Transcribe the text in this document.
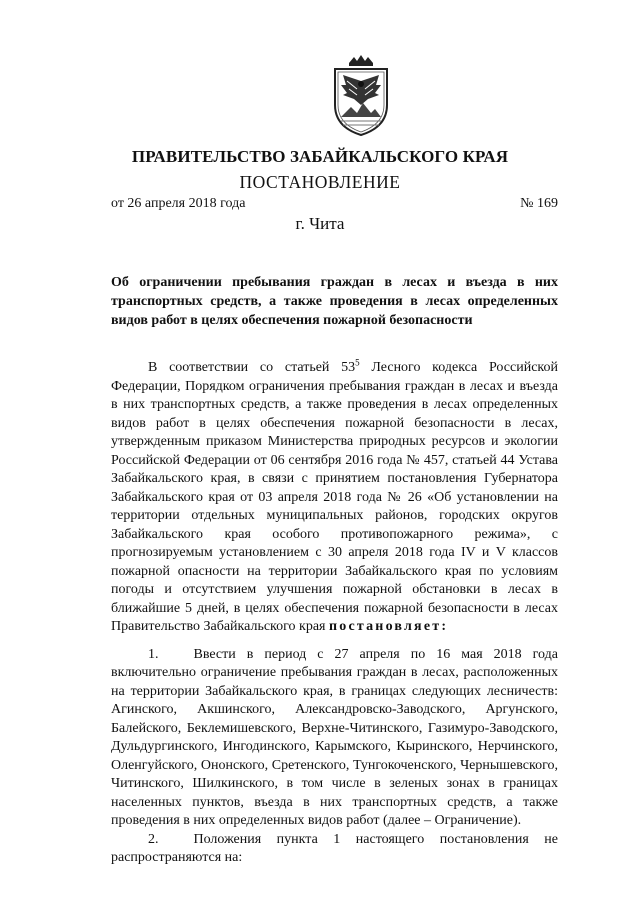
ПРАВИТЕЛЬСТВО ЗАБАЙКАЛЬСКОГО КРАЯ
ПОСТАНОВЛЕНИЕ
от 26 апреля 2018 года	№ 169
г. Чита
Об ограничении пребывания граждан в лесах и въезда в них транспортных средств, а также проведения в лесах определенных видов работ в целях обеспечения пожарной безопасности

В соответствии со статьей $53^5$ Лесного кодекса Российской Федерации, Порядком ограничения пребывания граждан в лесах и въезда в них транспортных средств, а также проведения в лесах определенных видов работ в целях обеспечения пожарной безопасности в лесах, утвержденным приказом Министерства природных ресурсов и экологии Российской Федерации от 06 сентября 2016 года № 457, статьей 44 Устава Забайкальского края, в связи с принятием постановления Губернатора Забайкальского края от 03 апреля 2018 года № 26 «Об установлении на территории отдельных муниципальных районов, городских округов Забайкальского края особого противопожарного режима», с прогнозируемым установлением с 30 апреля 2018 года IV и V классов пожарной опасности на территории Забайкальского края по условиям погоды и отсутствием улучшения пожарной обстановки в лесах в ближайшие 5 дней, в целях обеспечения пожарной безопасности в лесах Правительство Забайкальского края постановляет:

1.   	Ввести в период с 27 апреля по 16 мая 2018 года включительно ограничение пребывания граждан в лесах, расположенных на территории Забайкальского края, в границах следующих лесничеств: Агинского, Акшинского, Александровско-Заводского, Аргунского, Балейского, Беклемишевского, Верхне-Читинского, Газимуро-Заводского, Дульдургинского, Ингодинского, Карымского, Кыринского, Нерчинского, Оленгуйского, Ононского, Сретенского, Тунгокоченского, Чернышевского, Читинского, Шилкинского, в том числе в зеленых зонах в границах населенных пунктов, въезда в них транспортных средств, а также проведения в них определенных видов работ (далее – Ограничение).

2.   	Положения пункта 1 настоящего постановления не распространяются на:
